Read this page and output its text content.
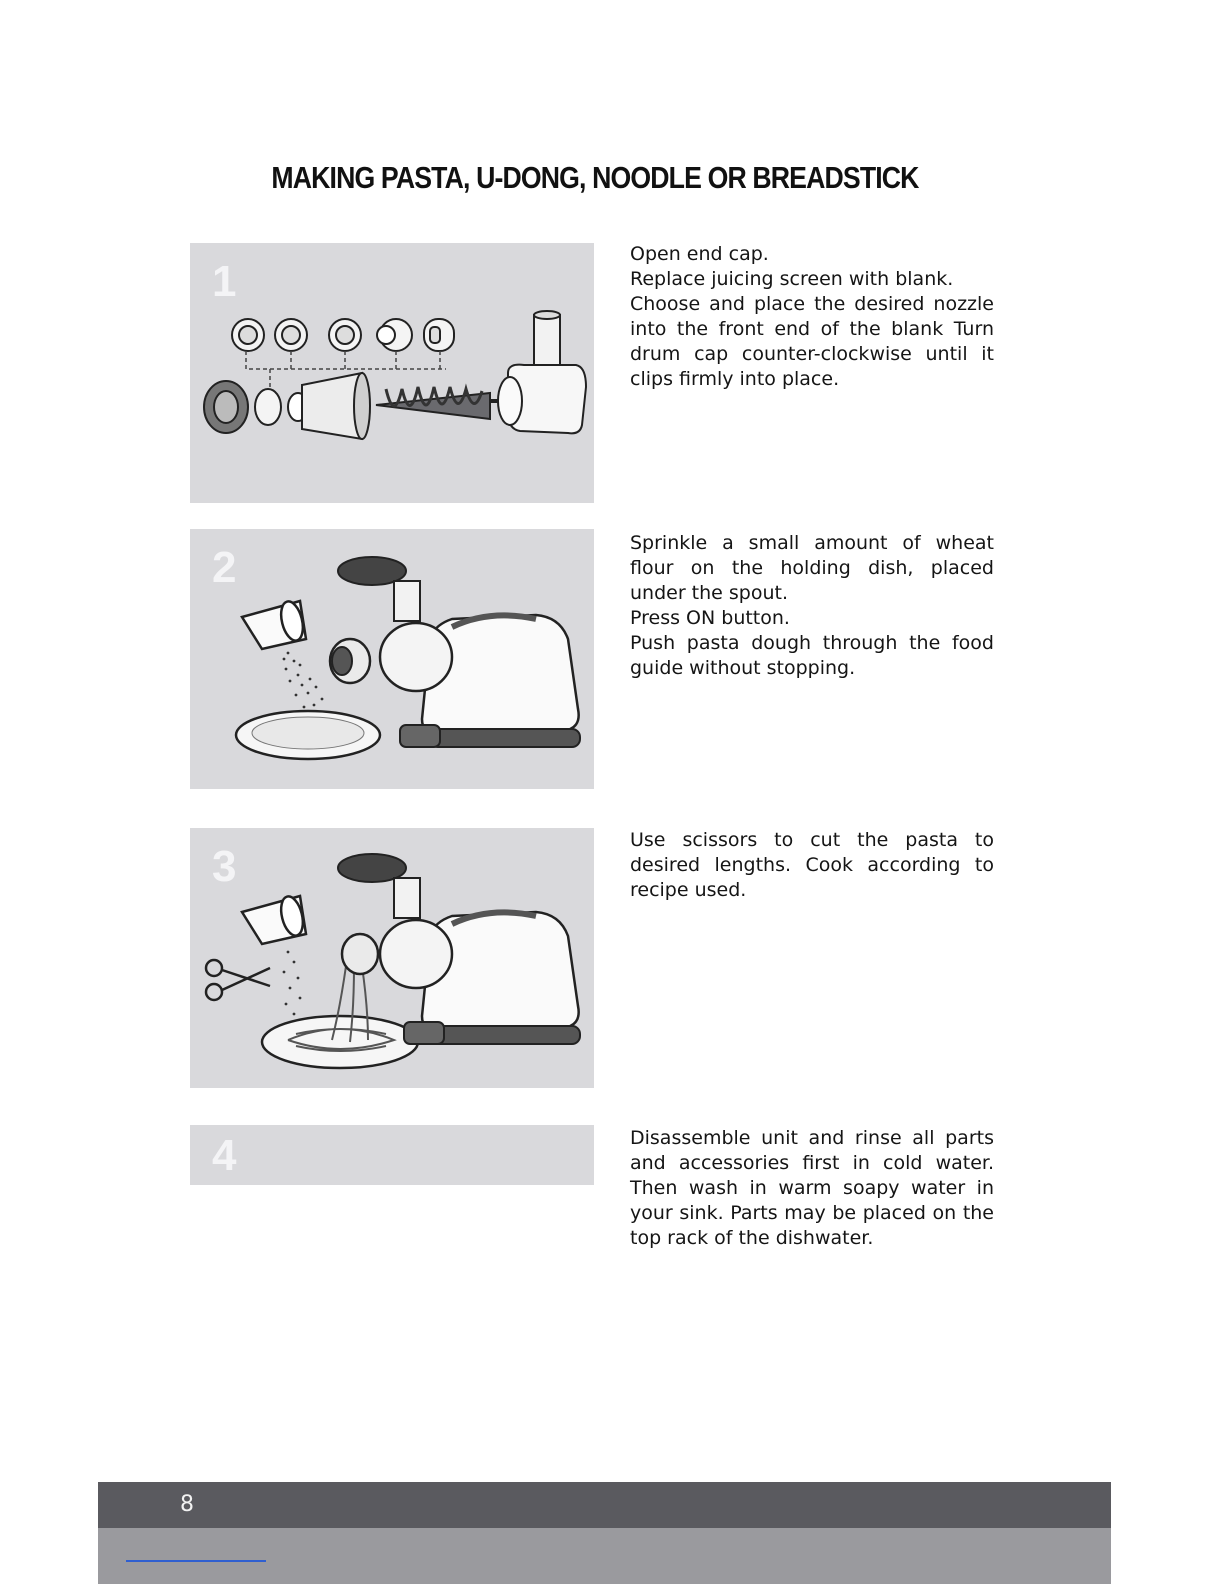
MAKING PASTA, U-DONG, NOODLE OR BREADSTICK
1
Open end cap.
Replace juicing screen with blank.
Choose and place the desired nozzle into the front end of the blank Turn drum cap counter-clockwise until it clips firmly into place.
2	Sprinkle a small amount of wheat flour on the holding dish, placed under the spout.
Press ON button.
Push pasta dough through the food guide without stopping.
3
Use scissors to cut the pasta to desired lengths. Cook according to recipe used.
4	Disassemble unit and rinse all parts and accessories first in cold water. Then wash in warm soapy water in your sink. Parts may be placed on the top rack of the dishwater.
8
